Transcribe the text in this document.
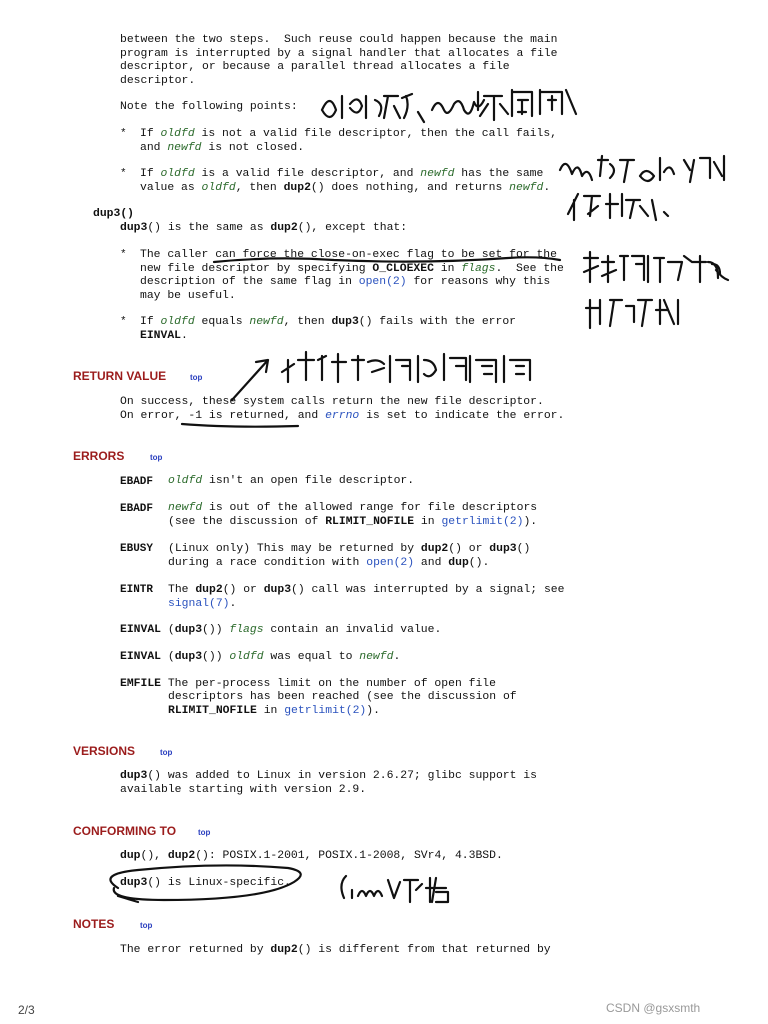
between the two steps.  Such reuse could happen because the main
program is interrupted by a signal handler that allocates a file
descriptor, or because a parallel thread allocates a file
descriptor.
Note the following points:
* If oldfd is not a valid file descriptor, then the call fails,
and newfd is not closed.
* If oldfd is a valid file descriptor, and newfd has the same
value as oldfd, then dup2() does nothing, and returns newfd.
dup3()
dup3() is the same as dup2(), except that:
* The caller can force the close-on-exec flag to be set for the
new file descriptor by specifying O_CLOEXEC in flags.  See the
description of the same flag in open(2) for reasons why this
may be useful.
* If oldfd equals newfd, then dup3() fails with the error
EINVAL.
RETURN VALUE	top
On success, these system calls return the new file descriptor.
On error, -1 is returned, and errno is set to indicate the error.
ERRORS	top
EBADF oldfd isn't an open file descriptor.
EBADF newfd is out of the allowed range for file descriptors
(see the discussion of RLIMIT_NOFILE in getrlimit(2)).
EBUSY (Linux only) This may be returned by dup2() or dup3()
during a race condition with open(2) and dup().
EINTR The dup2() or dup3() call was interrupted by a signal; see
signal(7).
EINVAL (dup3()) flags contain an invalid value.
EINVAL (dup3()) oldfd was equal to newfd.
EMFILE The per-process limit on the number of open file
descriptors has been reached (see the discussion of
RLIMIT_NOFILE in getrlimit(2)).
VERSIONS	top
dup3() was added to Linux in version 2.6.27; glibc support is
available starting with version 2.9.
CONFORMING TO	top
dup(), dup2(): POSIX.1-2001, POSIX.1-2008, SVr4, 4.3BSD.
dup3() is Linux-specific.
NOTES	top
The error returned by dup2() is different from that returned by
2/3	CSDN @gsxsmth
